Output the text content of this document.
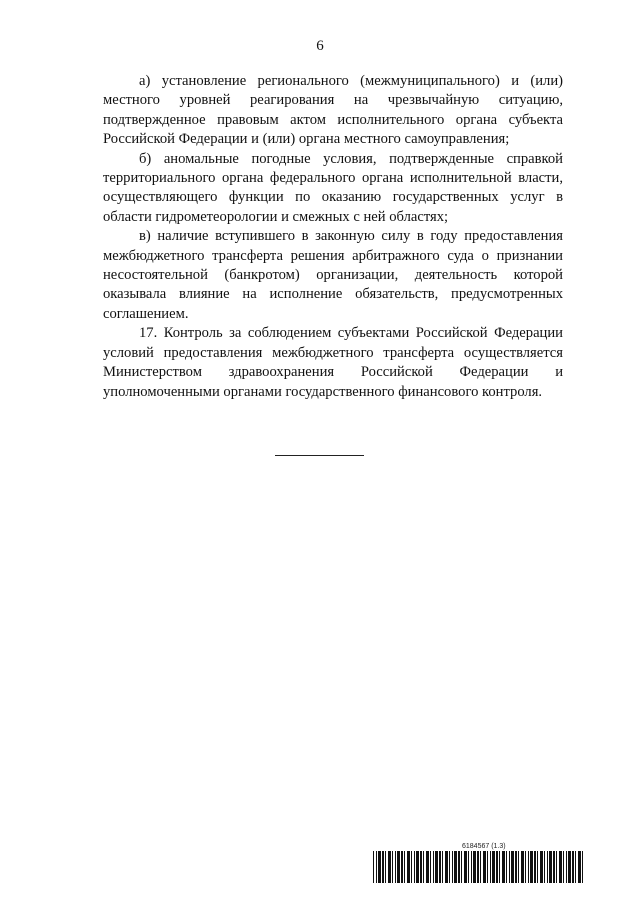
6

а) установление регионального (межмуниципального) и (или) местного уровней реагирования на чрезвычайную ситуацию, подтвержденное правовым актом исполнительного органа субъекта Российской Федерации и (или) органа местного самоуправления;

б) аномальные погодные условия, подтвержденные справкой территориального органа федерального органа исполнительной власти, осуществляющего функции по оказанию государственных услуг в области гидрометеорологии и смежных с ней областях;

в) наличие вступившего в законную силу в году предоставления межбюджетного трансферта решения арбитражного суда о признании несостоятельной (банкротом) организации, деятельность которой оказывала влияние на исполнение обязательств, предусмотренных соглашением.

17. Контроль за соблюдением субъектами Российской Федерации условий предоставления межбюджетного трансферта осуществляется Министерством здравоохранения Российской Федерации и уполномоченными органами государственного финансового контроля.

6184567 (1.3)
